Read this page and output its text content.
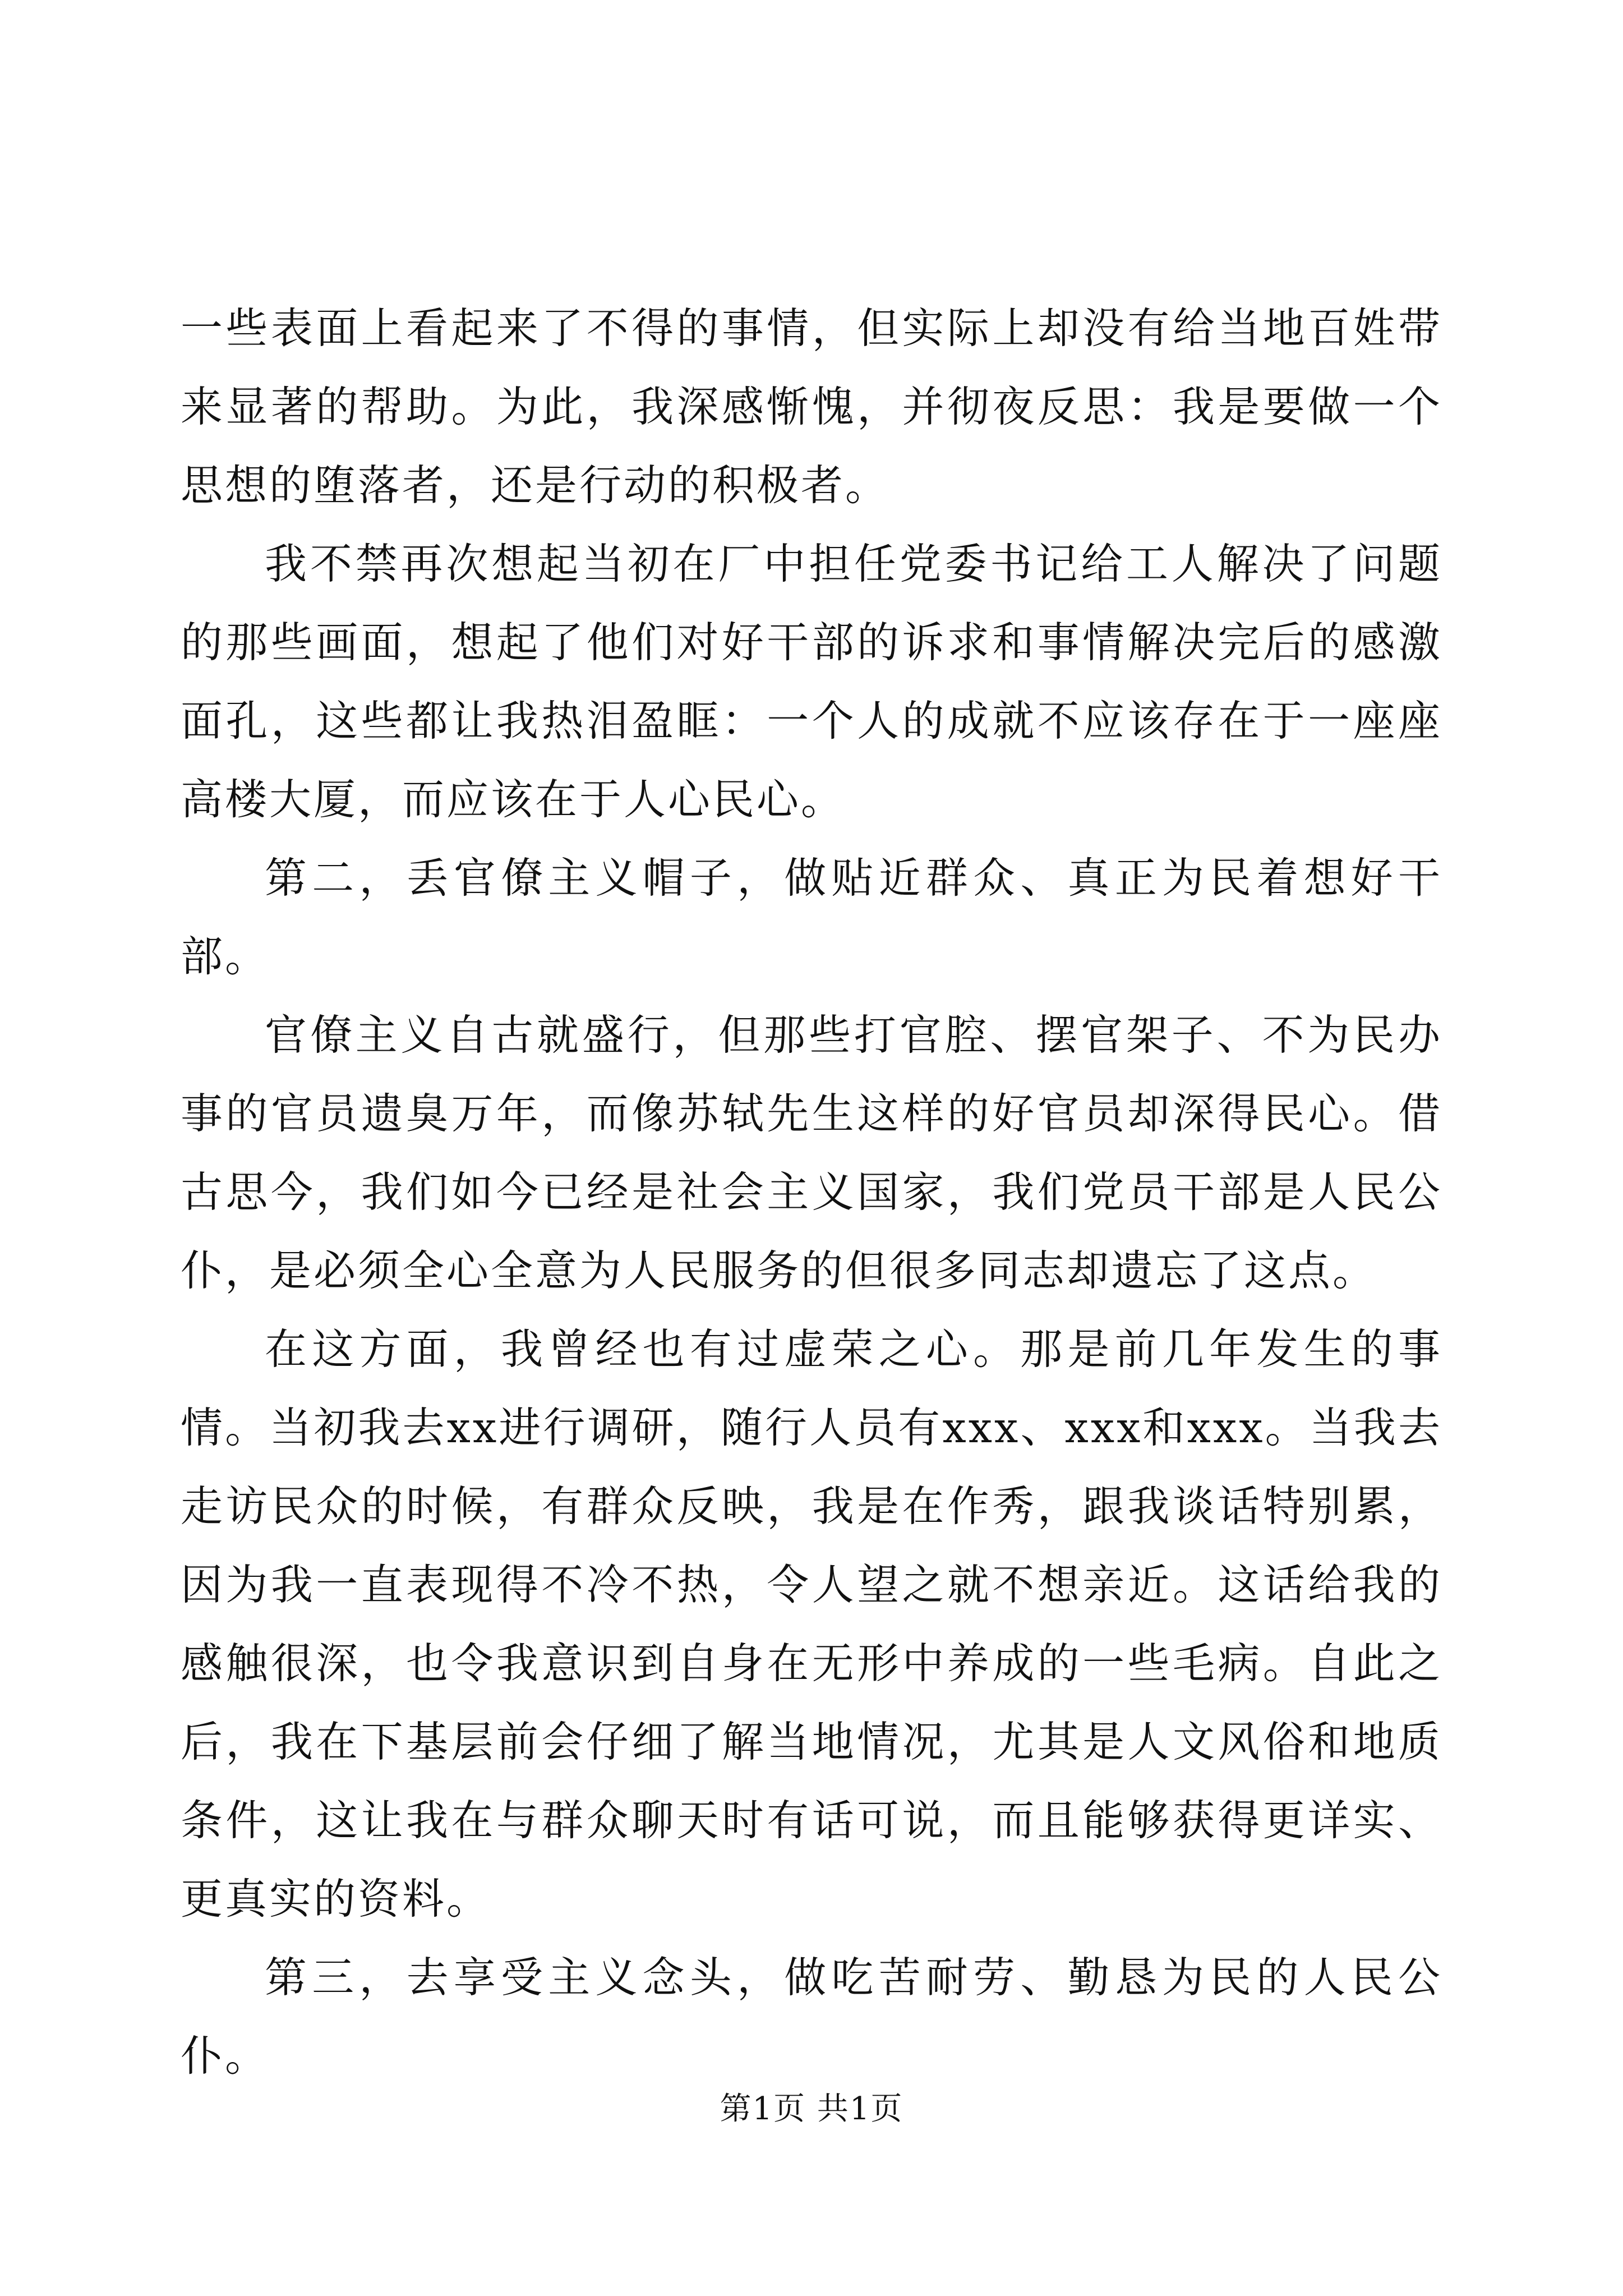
一些表面上看起来了不得的事情，但实际上却没有给当地百姓带来显著的帮助。为此，我深感惭愧，并彻夜反思：我是要做一个思想的堕落者，还是行动的积极者。

我不禁再次想起当初在厂中担任党委书记给工人解决了问题的那些画面，想起了他们对好干部的诉求和事情解决完后的感激面孔，这些都让我热泪盈眶：一个人的成就不应该存在于一座座高楼大厦，而应该在于人心民心。

第二，丢官僚主义帽子，做贴近群众、真正为民着想好干部。

官僚主义自古就盛行，但那些打官腔、摆官架子、不为民办事的官员遗臭万年，而像苏轼先生这样的好官员却深得民心。借古思今，我们如今已经是社会主义国家，我们党员干部是人民公仆，是必须全心全意为人民服务的但很多同志却遗忘了这点。

在这方面，我曾经也有过虚荣之心。那是前几年发生的事情。当初我去xx进行调研，随行人员有xxx、xxx和xxx。当我去走访民众的时候，有群众反映，我是在作秀，跟我谈话特别累，因为我一直表现得不冷不热，令人望之就不想亲近。这话给我的感触很深，也令我意识到自身在无形中养成的一些毛病。自此之后，我在下基层前会仔细了解当地情况，尤其是人文风俗和地质条件，这让我在与群众聊天时有话可说，而且能够获得更详实、更真实的资料。

第三，去享受主义念头，做吃苦耐劳、勤恳为民的人民公仆。

第1页 共1页
